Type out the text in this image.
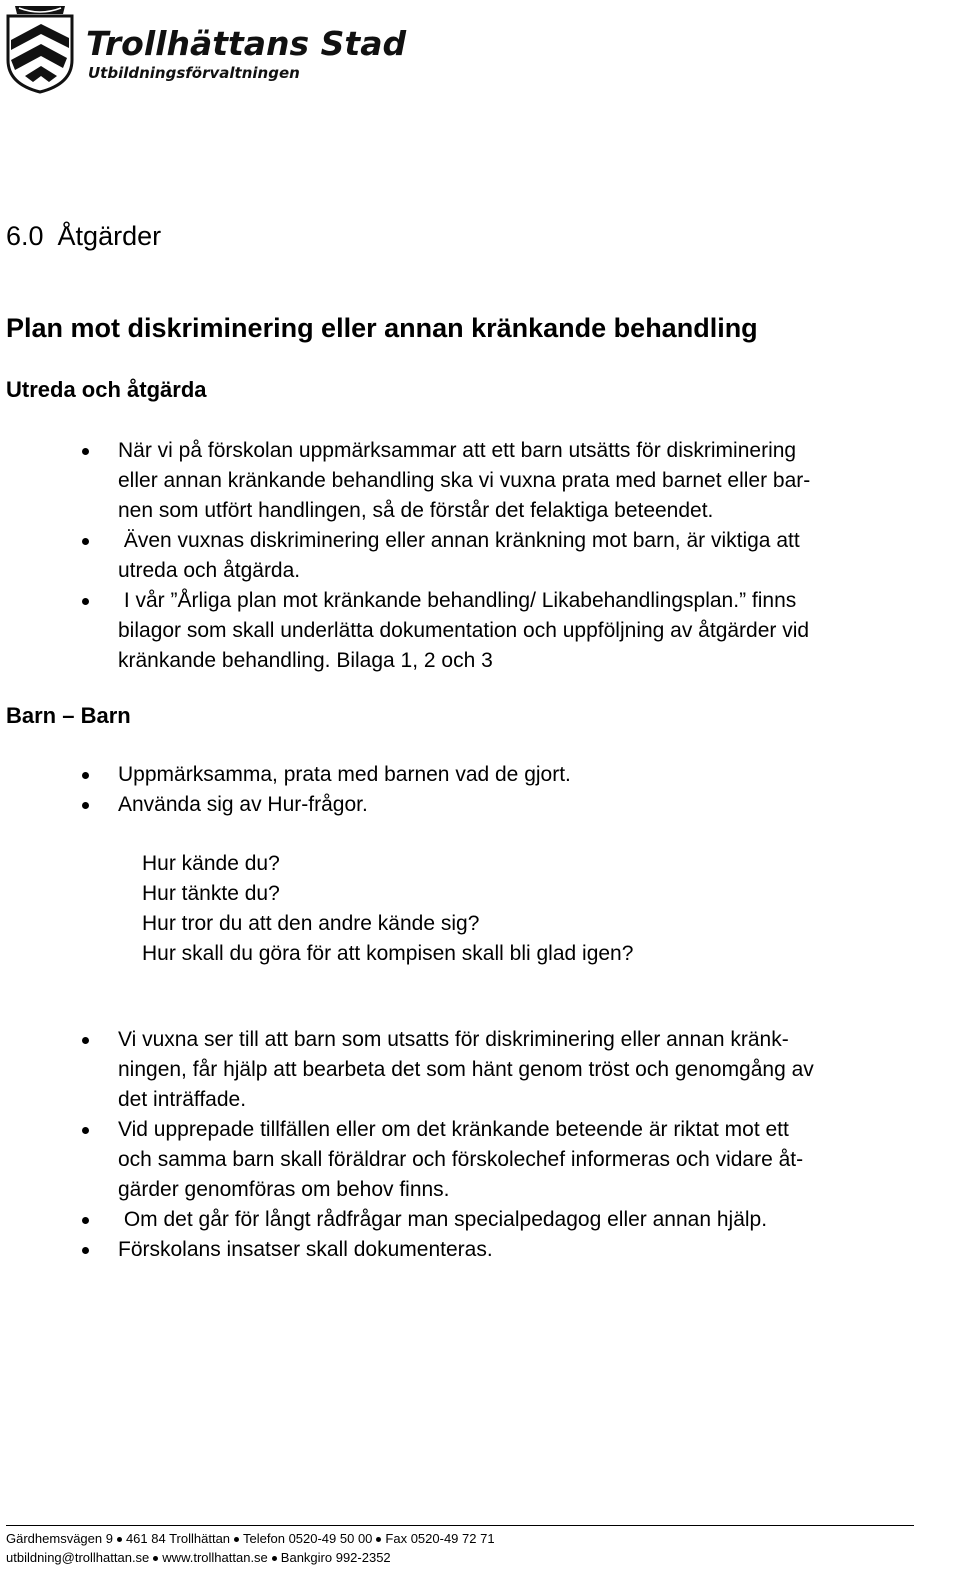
Trollhättans Stad
Utbildningsförvaltningen
6.0 Åtgärder
Plan mot diskriminering eller annan kränkande behandling
Utreda och åtgärda
När vi på förskolan uppmärksammar att ett barn utsätts för diskriminering
eller annan kränkande behandling ska vi vuxna prata med barnet eller bar-
nen som utfört handlingen, så de förstår det felaktiga beteendet.
Även vuxnas diskriminering eller annan kränkning mot barn, är viktiga att
utreda och åtgärda.
I vår ”Årliga plan mot kränkande behandling/ Likabehandlingsplan.” finns
bilagor som skall underlätta dokumentation och uppföljning av åtgärder vid
kränkande behandling. Bilaga 1, 2 och 3
Barn – Barn
Uppmärksamma, prata med barnen vad de gjort.
Använda sig av Hur-frågor.
Hur kände du?
Hur tänkte du?
Hur tror du att den andre kände sig?
Hur skall du göra för att kompisen skall bli glad igen?
Vi vuxna ser till att barn som utsatts för diskriminering eller annan kränk-
ningen, får hjälp att bearbeta det som hänt genom tröst och genomgång av
det inträffade.
Vid upprepade tillfällen eller om det kränkande beteende är riktat mot ett
och samma barn skall föräldrar och förskolechef informeras och vidare åt-
gärder genomföras om behov finns.
Om det går för långt rådfrågar man specialpedagog eller annan hjälp.
Förskolans insatser skall dokumenteras.
Gärdhemsvägen 9 461 84 Trollhättan Telefon 0520-49 50 00 Fax 0520-49 72 71
utbildning@trollhattan.se www.trollhattan.se Bankgiro 992-2352
